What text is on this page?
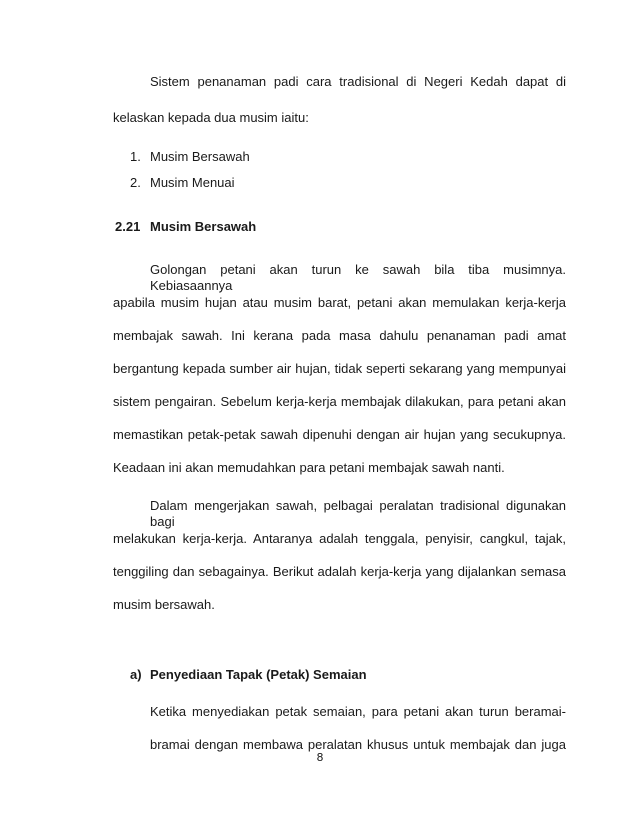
Sistem penanaman padi cara tradisional di Negeri Kedah dapat di
kelaskan kepada dua musim iaitu:
1. Musim Bersawah
2. Musim Menuai
2.21 Musim Bersawah
Golongan petani akan turun ke sawah bila tiba musimnya. Kebiasaannya
apabila musim hujan atau musim barat, petani akan memulakan kerja-kerja
membajak sawah. Ini kerana pada masa dahulu penanaman padi amat
bergantung kepada sumber air hujan, tidak seperti sekarang yang mempunyai
sistem pengairan. Sebelum kerja-kerja membajak dilakukan, para petani akan
memastikan petak-petak sawah dipenuhi dengan air hujan yang secukupnya.
Keadaan ini akan memudahkan para petani membajak sawah nanti.
Dalam mengerjakan sawah, pelbagai peralatan tradisional digunakan bagi
melakukan kerja-kerja. Antaranya adalah tenggala, penyisir, cangkul, tajak,
tenggiling dan sebagainya. Berikut adalah kerja-kerja yang dijalankan semasa
musim bersawah.
a) Penyediaan Tapak (Petak) Semaian
Ketika menyediakan petak semaian, para petani akan turun beramai-
bramai dengan membawa peralatan khusus untuk membajak dan juga
8
